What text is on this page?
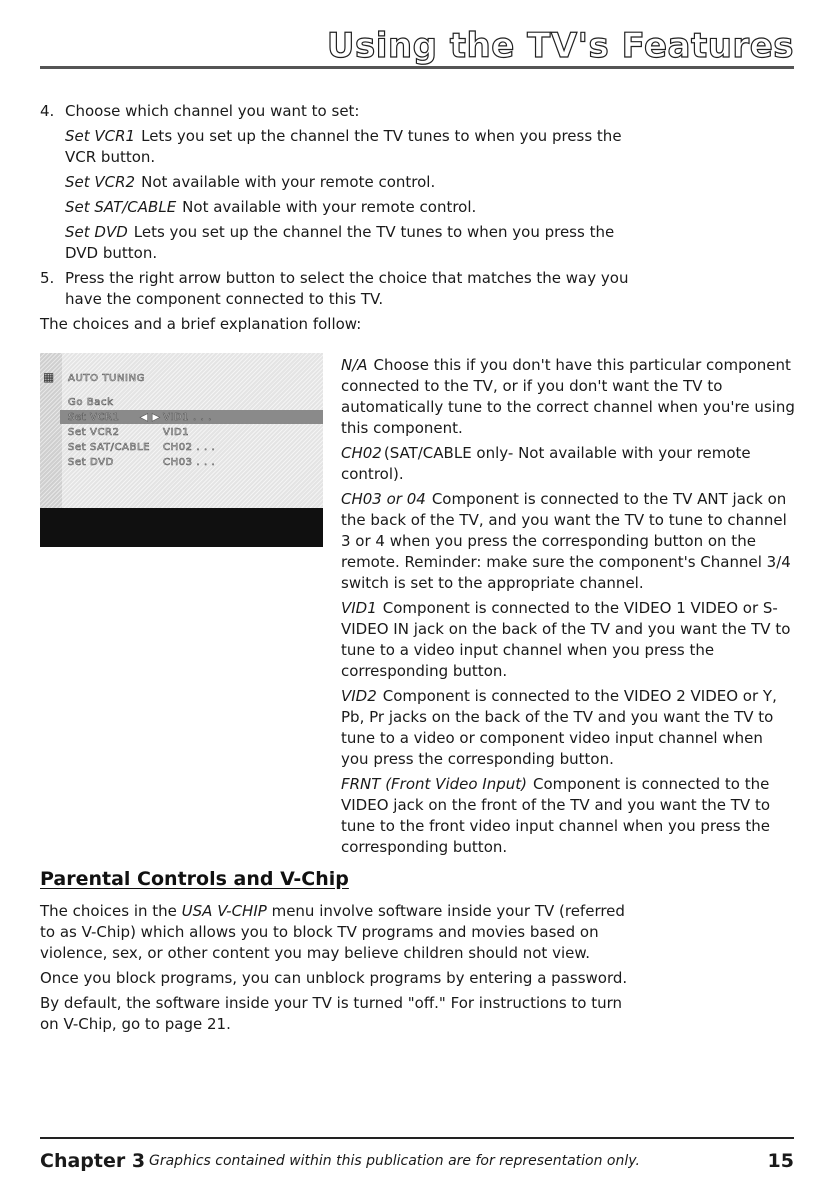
Using the TV's Features
4. Choose which channel you want to set:
Set VCR1 Lets you set up the channel the TV tunes to when you press the VCR button.
Set VCR2 Not available with your remote control.
Set SAT/CABLE Not available with your remote control.
Set DVD Lets you set up the channel the TV tunes to when you press the DVD button.
5. Press the right arrow button to select the choice that matches the way you have the component connected to this TV.
The choices and a brief explanation follow:
▦	AUTO TUNING
Go Back
Set VCR1 ◀ ▶ VID1 . . .
Set VCR2	VID1
Set SAT/CABLE CH02 . . .
Set DVD	CH03 . . .
N/A Choose this if you don't have this particular component connected to the TV, or if you don't want the TV to automatically tune to the correct channel when you're using this component.
CH02 (SAT/CABLE only- Not available with your remote control).
CH03 or 04 Component is connected to the TV ANT jack on the back of the TV, and you want the TV to tune to channel 3 or 4 when you press the corresponding button on the remote. Reminder: make sure the component's Channel 3/4 switch is set to the appropriate channel.
VID1 Component is connected to the VIDEO 1 VIDEO or S-VIDEO IN jack on the back of the TV and you want the TV to tune to a video input channel when you press the corresponding button.
VID2 Component is connected to the VIDEO 2 VIDEO or Y, Pb, Pr jacks on the back of the TV and you want the TV to tune to a video or component video input channel when you press the corresponding button.
FRNT (Front Video Input) Component is connected to the VIDEO jack on the front of the TV and you want the TV to tune to the front video input channel when you press the corresponding button.
Parental Controls and V-Chip
The choices in the USA V-CHIP menu involve software inside your TV (referred to as V-Chip) which allows you to block TV programs and movies based on violence, sex, or other content you may believe children should not view.
Once you block programs, you can unblock programs by entering a password.
By default, the software inside your TV is turned "off." For instructions to turn on V-Chip, go to page 21.
Chapter 3 Graphics contained within this publication are for representation only.	15
